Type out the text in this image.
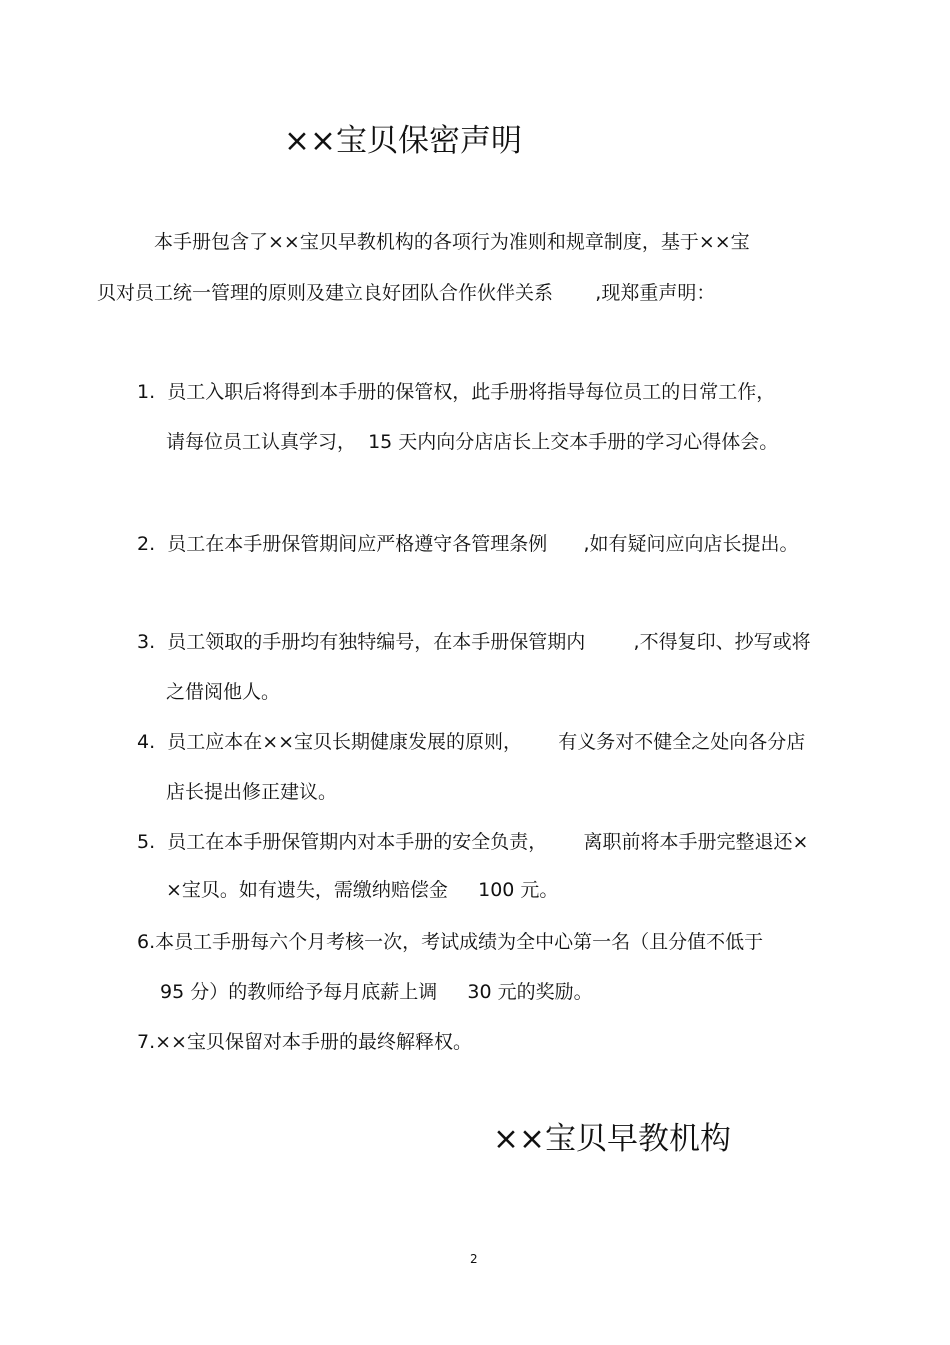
××宝贝保密声明
本手册包含了××宝贝早教机构的各项行为准则和规章制度，基于××宝
贝对员工统一管理的原则及建立良好团队合作伙伴关系       ,现郑重声明：
1.  员工入职后将得到本手册的保管权，此手册将指导每位员工的日常工作，
请每位员工认真学习，  15 天内向分店店长上交本手册的学习心得体会。
2.  员工在本手册保管期间应严格遵守各管理条例      ,如有疑问应向店长提出。
3.  员工领取的手册均有独特编号，在本手册保管期内        ,不得复印、抄写或将
之借阅他人。
4.  员工应本在××宝贝长期健康发展的原则，      有义务对不健全之处向各分店
店长提出修正建议。
5.  员工在本手册保管期内对本手册的安全负责，      离职前将本手册完整退还×
×宝贝。如有遗失，需缴纳赔偿金     100 元。
6.本员工手册每六个月考核一次，考试成绩为全中心第一名（且分值不低于
95 分）的教师给予每月底薪上调     30 元的奖励。
7.××宝贝保留对本手册的最终解释权。
××宝贝早教机构
2
